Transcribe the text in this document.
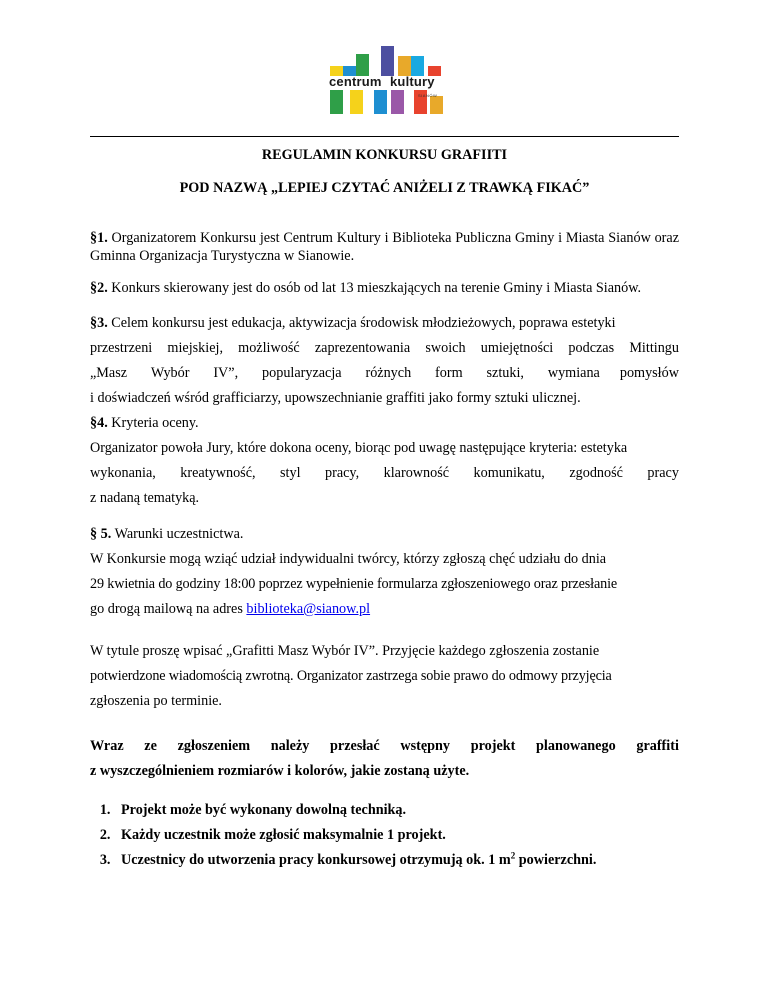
centrum kultury
SIANÓW

REGULAMIN KONKURSU GRAFIITI

POD NAZWĄ „LEPIEJ CZYTAĆ ANIŻELI Z TRAWKĄ FIKAĆ”

§1. Organizatorem Konkursu jest Centrum Kultury i Biblioteka Publiczna Gminy i Miasta Sianów oraz Gminna Organizacja Turystyczna w Sianowie.

§2. Konkurs skierowany jest do osób od lat 13 mieszkających na terenie Gminy i Miasta Sianów.

§3. Celem konkursu jest edukacja, aktywizacja środowisk młodzieżowych, poprawa estetyki

przestrzeni miejskiej, możliwość zaprezentowania swoich umiejętności podczas Mittingu

„Masz Wybór IV”, popularyzacja różnych form sztuki, wymiana pomysłów

i doświadczeń wśród grafficiarzy, upowszechnianie graffiti jako formy sztuki ulicznej.

§4. Kryteria oceny.

Organizator powoła Jury, które dokona oceny, biorąc pod uwagę następujące kryteria: estetyka

wykonania, kreatywność, styl pracy, klarowność komunikatu, zgodność pracy

z nadaną tematyką.

§ 5. Warunki uczestnictwa.

W Konkursie mogą wziąć udział indywidualni twórcy, którzy zgłoszą chęć udziału do dnia

29 kwietnia do godziny 18:00 poprzez wypełnienie formularza zgłoszeniowego oraz przesłanie

go drogą mailową na adres biblioteka@sianow.pl

W tytule proszę wpisać „Grafitti Masz Wybór IV”. Przyjęcie każdego zgłoszenia zostanie

potwierdzone wiadomością zwrotną. Organizator zastrzega sobie prawo do odmowy przyjęcia

zgłoszenia po terminie.

Wraz ze zgłoszeniem należy przesłać wstępny projekt planowanego graffiti

z wyszczególnieniem rozmiarów i kolorów, jakie zostaną użyte.

1. Projekt może być wykonany dowolną techniką.
2. Każdy uczestnik może zgłosić maksymalnie 1 projekt.
3. Uczestnicy do utworzenia pracy konkursowej otrzymują ok. 1 $m^2$ powierzchni.
